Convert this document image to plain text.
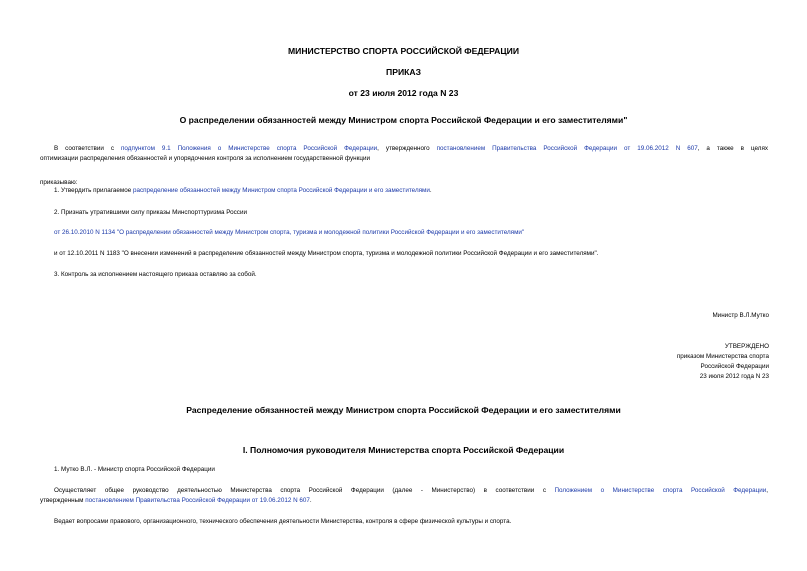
МИНИСТЕРСТВО СПОРТА РОССИЙСКОЙ ФЕДЕРАЦИИ
ПРИКАЗ
от 23 июля 2012 года N 23
О распределении обязанностей между Министром спорта Российской Федерации и его заместителями"
В соответствии с подпунктом 9.1 Положения о Министерстве спорта Российской Федерации, утвержденного постановлением Правительства Российской Федерации от 19.06.2012 N 607, а также в целях
оптимизации распределения обязанностей и упорядочения контроля за исполнением государственной функции
приказываю:
1. Утвердить прилагаемое распределение обязанностей между Министром спорта Российской Федерации и его заместителями.
2. Признать утратившими силу приказы Минспорттуризма России
от 26.10.2010 N 1134 "О распределении обязанностей между Министром спорта, туризма и молодежной политики Российской Федерации и его заместителями"
и от 12.10.2011 N 1183 "О внесении изменений в распределение обязанностей между Министром спорта, туризма и молодежной политики Российской Федерации и его заместителями".
3. Контроль за исполнением настоящего приказа оставляю за собой.
Министр В.Л.Мутко
УТВЕРЖДЕНО
приказом Министерства спорта
Российской Федерации
23 июля 2012 года N 23
Распределение обязанностей между Министром спорта Российской Федерации и его заместителями
I. Полномочия руководителя Министерства спорта Российской Федерации
1. Мутко В.Л. - Министр спорта Российской Федерации
Осуществляет общее руководство деятельностью Министерства спорта Российской Федерации (далее - Министерство) в соответствии с Положением о Министерстве спорта Российской Федерации,
утвержденным постановлением Правительства Российской Федерации от 19.06.2012 N 607.
Ведает вопросами правового, организационного, технического обеспечения деятельности Министерства, контроля в сфере физической культуры и спорта.
